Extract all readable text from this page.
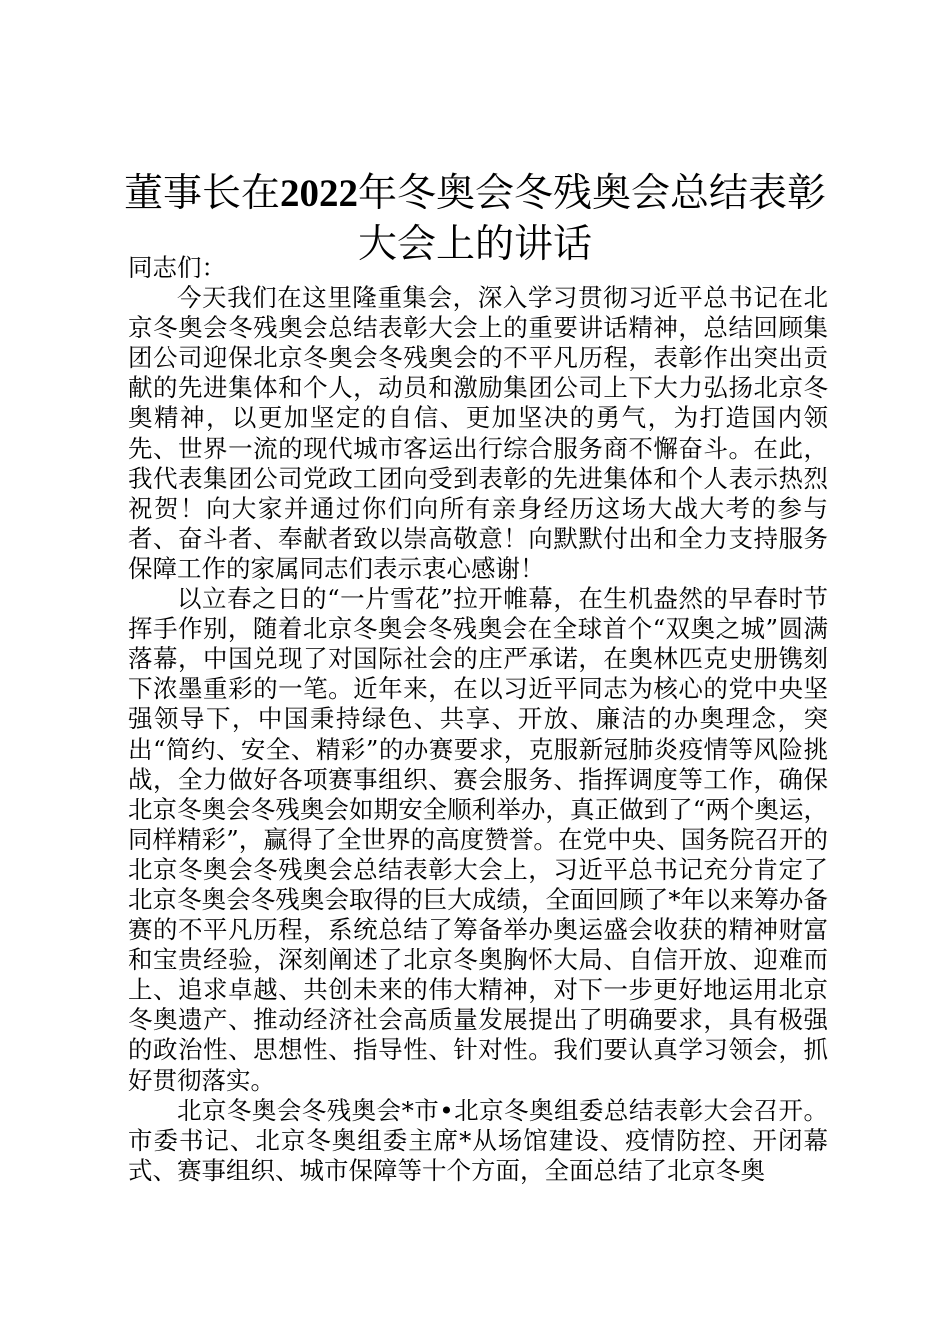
董事长在2022年冬奥会冬残奥会总结表彰大会上的讲话

同志们：

今天我们在这里隆重集会，深入学习贯彻习近平总书记在北京冬奥会冬残奥会总结表彰大会上的重要讲话精神，总结回顾集团公司迎保北京冬奥会冬残奥会的不平凡历程，表彰作出突出贡献的先进集体和个人，动员和激励集团公司上下大力弘扬北京冬奥精神，以更加坚定的自信、更加坚决的勇气，为打造国内领先、世界一流的现代城市客运出行综合服务商不懈奋斗。在此，我代表集团公司党政工团向受到表彰的先进集体和个人表示热烈祝贺！向大家并通过你们向所有亲身经历这场大战大考的参与者、奋斗者、奉献者致以崇高敬意！向默默付出和全力支持服务保障工作的家属同志们表示衷心感谢！

以立春之日的“一片雪花”拉开帷幕，在生机盎然的早春时节挥手作别，随着北京冬奥会冬残奥会在全球首个“双奥之城”圆满落幕，中国兑现了对国际社会的庄严承诺，在奥林匹克史册镌刻下浓墨重彩的一笔。近年来，在以习近平同志为核心的党中央坚强领导下，中国秉持绿色、共享、开放、廉洁的办奥理念，突出“简约、安全、精彩”的办赛要求，克服新冠肺炎疫情等风险挑战，全力做好各项赛事组织、赛会服务、指挥调度等工作，确保北京冬奥会冬残奥会如期安全顺利举办，真正做到了“两个奥运，同样精彩”，赢得了全世界的高度赞誉。在党中央、国务院召开的北京冬奥会冬残奥会总结表彰大会上，习近平总书记充分肯定了北京冬奥会冬残奥会取得的巨大成绩，全面回顾了*年以来筹办备赛的不平凡历程，系统总结了筹备举办奥运盛会收获的精神财富和宝贵经验，深刻阐述了北京冬奥胸怀大局、自信开放、迎难而上、追求卓越、共创未来的伟大精神，对下一步更好地运用北京冬奥遗产、推动经济社会高质量发展提出了明确要求，具有极强的政治性、思想性、指导性、针对性。我们要认真学习领会，抓好贯彻落实。

北京冬奥会冬残奥会*市•北京冬奥组委总结表彰大会召开。市委书记、北京冬奥组委主席*从场馆建设、疫情防控、开闭幕式、赛事组织、城市保障等十个方面，全面总结了北京冬奥
